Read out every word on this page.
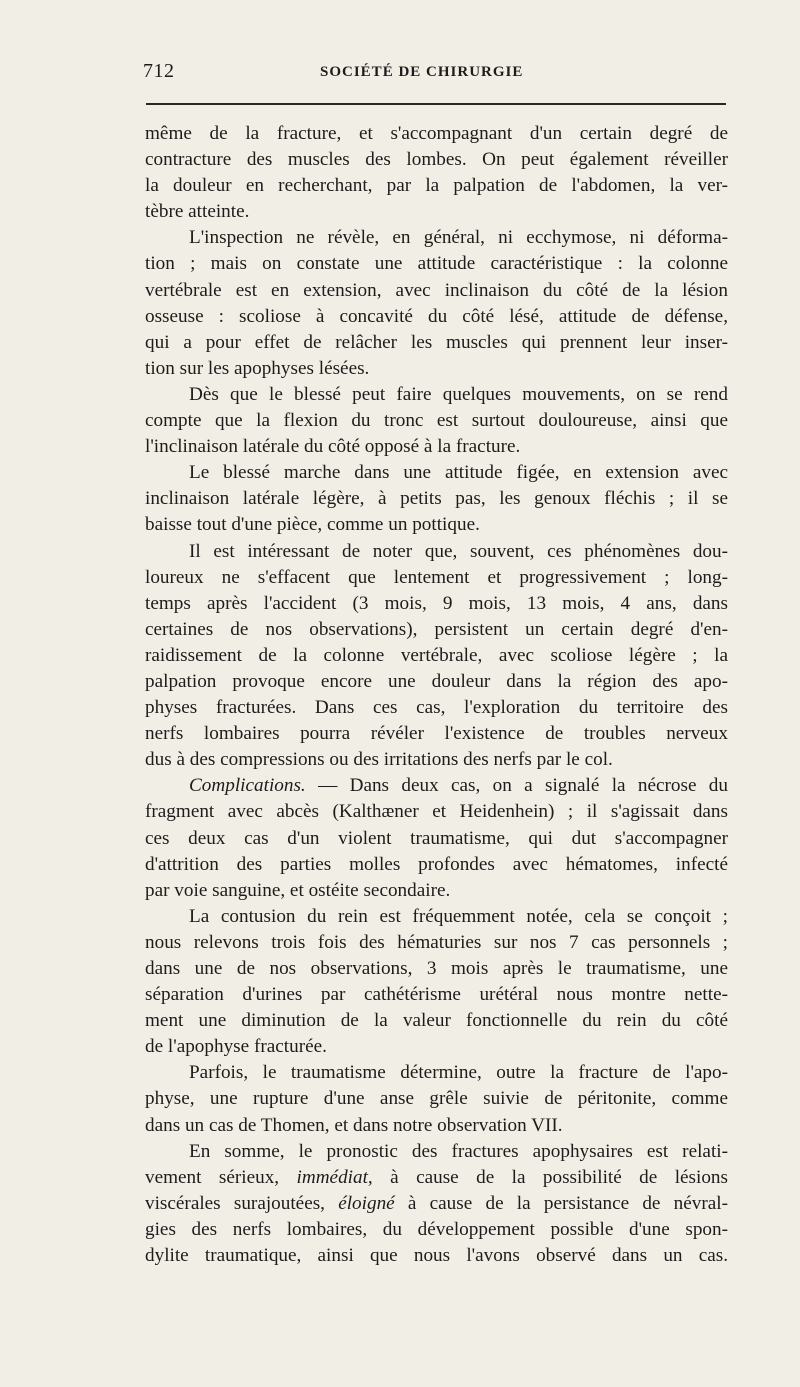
712	SOCIÉTÉ DE CHIRURGIE
même de la fracture, et s'accompagnant d'un certain degré de
contracture des muscles des lombes. On peut également réveiller
la douleur en recherchant, par la palpation de l'abdomen, la ver-
tèbre atteinte.
L'inspection ne révèle, en général, ni ecchymose, ni déforma-
tion ; mais on constate une attitude caractéristique : la colonne
vertébrale est en extension, avec inclinaison du côté de la lésion
osseuse : scoliose à concavité du côté lésé, attitude de défense,
qui a pour effet de relâcher les muscles qui prennent leur inser-
tion sur les apophyses lésées.
Dès que le blessé peut faire quelques mouvements, on se rend
compte que la flexion du tronc est surtout douloureuse, ainsi que
l'inclinaison latérale du côté opposé à la fracture.
Le blessé marche dans une attitude figée, en extension avec
inclinaison latérale légère, à petits pas, les genoux fléchis ; il se
baisse tout d'une pièce, comme un pottique.
Il est intéressant de noter que, souvent, ces phénomènes dou-
loureux ne s'effacent que lentement et progressivement ; long-
temps après l'accident (3 mois, 9 mois, 13 mois, 4 ans, dans
certaines de nos observations), persistent un certain degré d'en-
raidissement de la colonne vertébrale, avec scoliose légère ; la
palpation provoque encore une douleur dans la région des apo-
physes fracturées. Dans ces cas, l'exploration du territoire des
nerfs lombaires pourra révéler l'existence de troubles nerveux
dus à des compressions ou des irritations des nerfs par le col.
Complications. — Dans deux cas, on a signalé la nécrose du
fragment avec abcès (Kalthæner et Heidenhein) ; il s'agissait dans
ces deux cas d'un violent traumatisme, qui dut s'accompagner
d'attrition des parties molles profondes avec hématomes, infecté
par voie sanguine, et ostéite secondaire.
La contusion du rein est fréquemment notée, cela se conçoit ;
nous relevons trois fois des hématuries sur nos 7 cas personnels ;
dans une de nos observations, 3 mois après le traumatisme, une
séparation d'urines par cathétérisme urétéral nous montre nette-
ment une diminution de la valeur fonctionnelle du rein du côté
de l'apophyse fracturée.
Parfois, le traumatisme détermine, outre la fracture de l'apo-
physe, une rupture d'une anse grêle suivie de péritonite, comme
dans un cas de Thomen, et dans notre observation VII.
En somme, le pronostic des fractures apophysaires est relati-
vement sérieux, immédiat, à cause de la possibilité de lésions
viscérales surajoutées, éloigné à cause de la persistance de névral-
gies des nerfs lombaires, du développement possible d'une spon-
dylite traumatique, ainsi que nous l'avons observé dans un cas.
